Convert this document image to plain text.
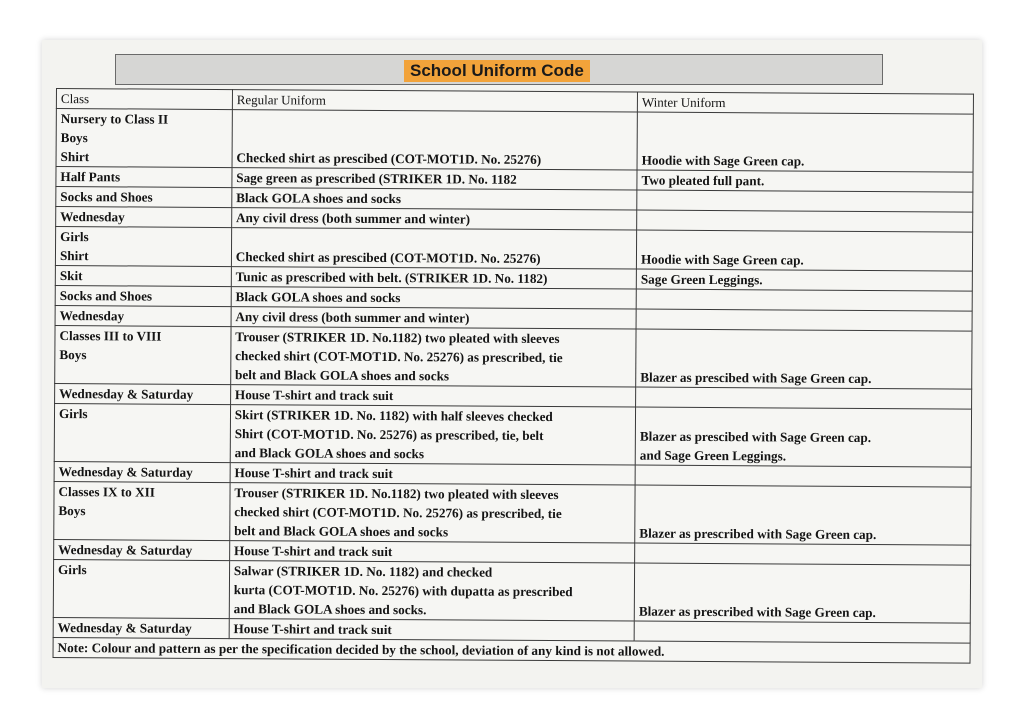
School Uniform Code
Class	Regular Uniform	Winter Uniform

Nursery to Class II
Boys
Shirt	Checked shirt as prescibed (COT-MOT1D. No. 25276)	Hoodie with Sage Green cap.

Half Pants	Sage green as prescribed (STRIKER 1D. No. 1182	Two pleated full pant.

Socks and Shoes	Black GOLA shoes and socks	

Wednesday	Any civil dress (both summer and winter)	

Girls
Shirt	Checked shirt as prescibed (COT-MOT1D. No. 25276)	Hoodie with Sage Green cap.

Skit	Tunic as prescribed with belt. (STRIKER 1D. No. 1182)	Sage Green Leggings.

Socks and Shoes	Black GOLA shoes and socks	

Wednesday	Any civil dress (both summer and winter)	

Classes III to VIII
Boys	Trouser (STRIKER 1D. No.1182) two pleated with sleeves
checked shirt (COT-MOT1D. No. 25276) as prescribed, tie
belt and Black GOLA shoes and socks	Blazer as prescibed with Sage Green cap.

Wednesday & Saturday	House T-shirt and track suit	

Girls	Skirt (STRIKER 1D. No. 1182) with half sleeves checked
Shirt (COT-MOT1D. No. 25276) as prescribed, tie, belt
and Black GOLA shoes and socks	Blazer as prescibed with Sage Green cap.
and Sage Green Leggings.

Wednesday & Saturday	House T-shirt and track suit	

Classes IX to XII
Boys	Trouser (STRIKER 1D. No.1182) two pleated with sleeves
checked shirt (COT-MOT1D. No. 25276) as prescribed, tie
belt and Black GOLA shoes and socks	Blazer as prescribed with Sage Green cap.

Wednesday & Saturday	House T-shirt and track suit	

Girls	Salwar (STRIKER 1D. No. 1182) and checked
kurta (COT-MOT1D. No. 25276) with dupatta as prescribed
and Black GOLA shoes and socks.	Blazer as prescribed with Sage Green cap.

Wednesday & Saturday	House T-shirt and track suit	

Note: Colour and pattern as per the specification decided by the school, deviation of any kind is not allowed.		
